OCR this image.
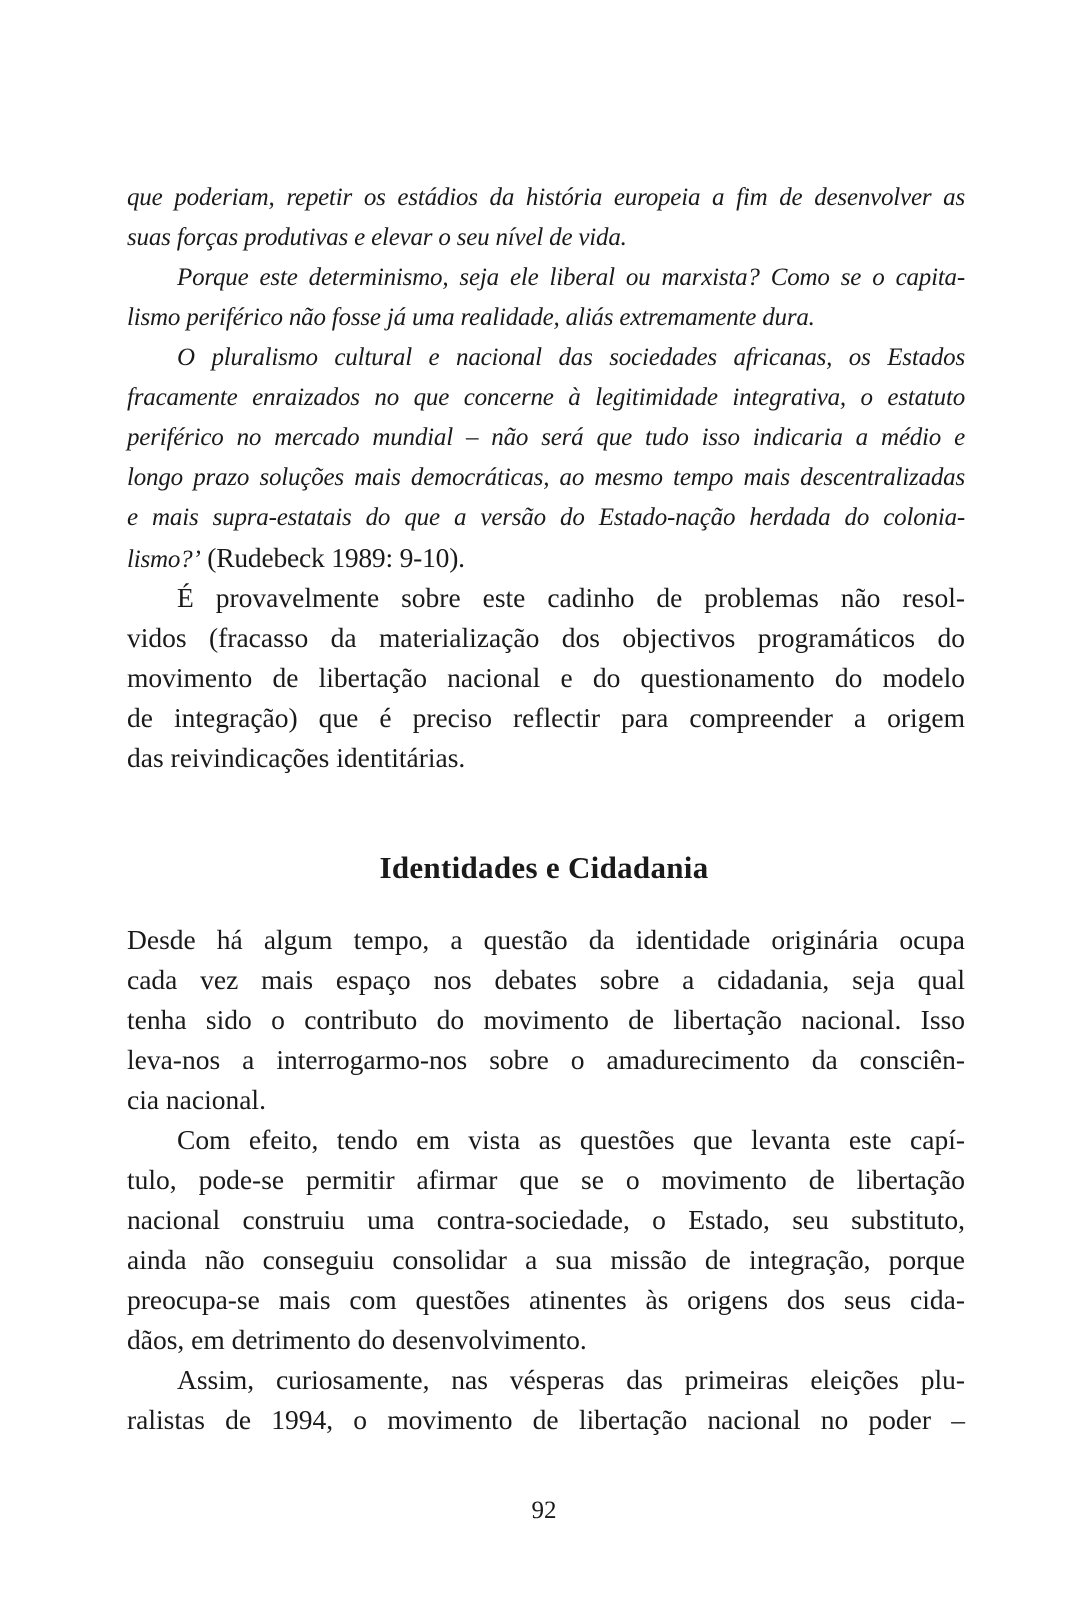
que poderiam, repetir os estádios da história europeia a fim de desenvolver as
suas forças produtivas e elevar o seu nível de vida.
Porque este determinismo, seja ele liberal ou marxista? Como se o capita-
lismo periférico não fosse já uma realidade, aliás extremamente dura.
O pluralismo cultural e nacional das sociedades africanas, os Estados
fracamente enraizados no que concerne à legitimidade integrativa, o estatuto
periférico no mercado mundial – não será que tudo isso indicaria a médio e
longo prazo soluções mais democráticas, ao mesmo tempo mais descentralizadas
e mais supra-estatais do que a versão do Estado-nação herdada do colonia-
lismo?’ (Rudebeck 1989: 9-10).
É provavelmente sobre este cadinho de problemas não resol-
vidos (fracasso da materialização dos objectivos programáticos do
movimento de libertação nacional e do questionamento do modelo
de integração) que é preciso reflectir para compreender a origem
das reivindicações identitárias.
Identidades e Cidadania
Desde há algum tempo, a questão da identidade originária ocupa
cada vez mais espaço nos debates sobre a cidadania, seja qual
tenha sido o contributo do movimento de libertação nacional. Isso
leva-nos a interrogarmo-nos sobre o amadurecimento da consciên-
cia nacional.
Com efeito, tendo em vista as questões que levanta este capí-
tulo, pode-se permitir afirmar que se o movimento de libertação
nacional construiu uma contra-sociedade, o Estado, seu substituto,
ainda não conseguiu consolidar a sua missão de integração, porque
preocupa-se mais com questões atinentes às origens dos seus cida-
dãos, em detrimento do desenvolvimento.
Assim, curiosamente, nas vésperas das primeiras eleições plu-
ralistas de 1994, o movimento de libertação nacional no poder –
92
